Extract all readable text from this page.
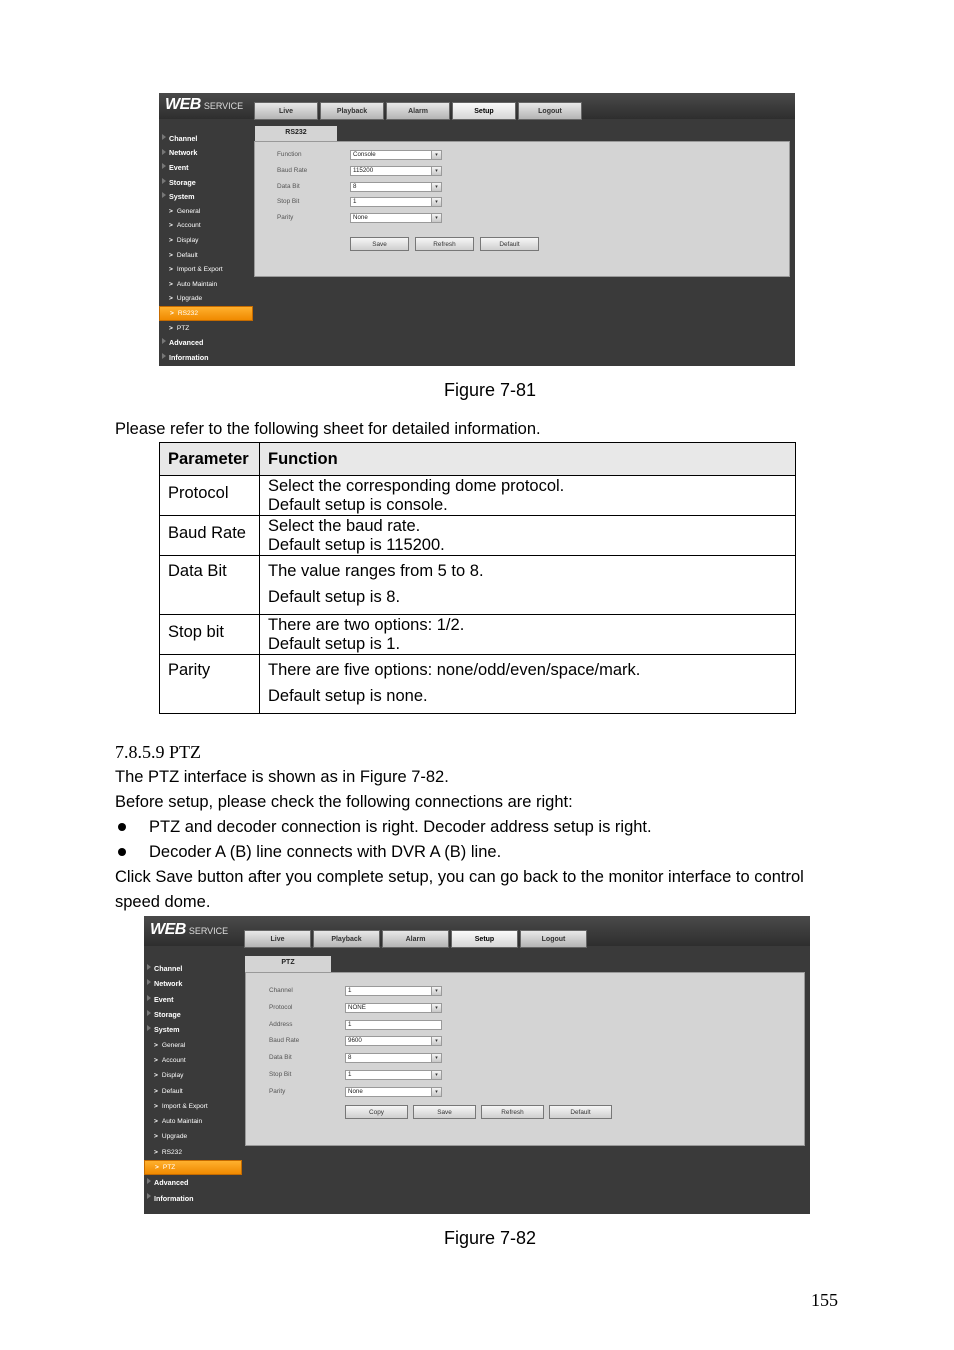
WEB SERVICE	Live	Playback	Alarm	Setup	Logout
Channel
Network
Event
Storage
System
> General
> Account
> Display
> Default
> Import & Export
> Auto Maintain
> Upgrade
> RS232
> PTZ
Advanced
Information
RS232
Function	Console	▾
Baud Rate	115200	▾
Data Bit	8	▾
Stop Bit	1	▾
Parity	None	▾
Save	Refresh	Default
Figure 7-81
Please refer to the following sheet for detailed information.
Parameter	Function
Protocol	Select the corresponding dome protocol.
Default setup is console.

Baud Rate	Select the baud rate.
Default setup is 115200.

Data Bit	The value ranges from 5 to 8.
Default setup is 8.

Stop bit	There are two options: 1/2.
Default setup is 1.

Parity	There are five options: none/odd/even/space/mark.
Default setup is none.
7.8.5.9 PTZ
The PTZ interface is shown as in Figure 7-82.
Before setup, please check the following connections are right:
PTZ and decoder connection is right. Decoder address setup is right.
Decoder A (B) line connects with DVR A (B) line.
Click Save button after you complete setup, you can go back to the monitor interface to control
speed dome.
WEB SERVICE
Live	Playback	Alarm	Setup	Logout
Channel
Network
Event
Storage
System
> General
> Account
> Display
> Default
> Import & Export
> Auto Maintain
> Upgrade
> RS232
> PTZ
Advanced
Information
PTZ
Channel	1	▾
Protocol	NONE	▾
Address	1
Baud Rate	9600	▾
Data Bit	8	▾
Stop Bit	1	▾
Parity	None	▾
Copy	Save	Refresh	Default
Figure 7-82
155
